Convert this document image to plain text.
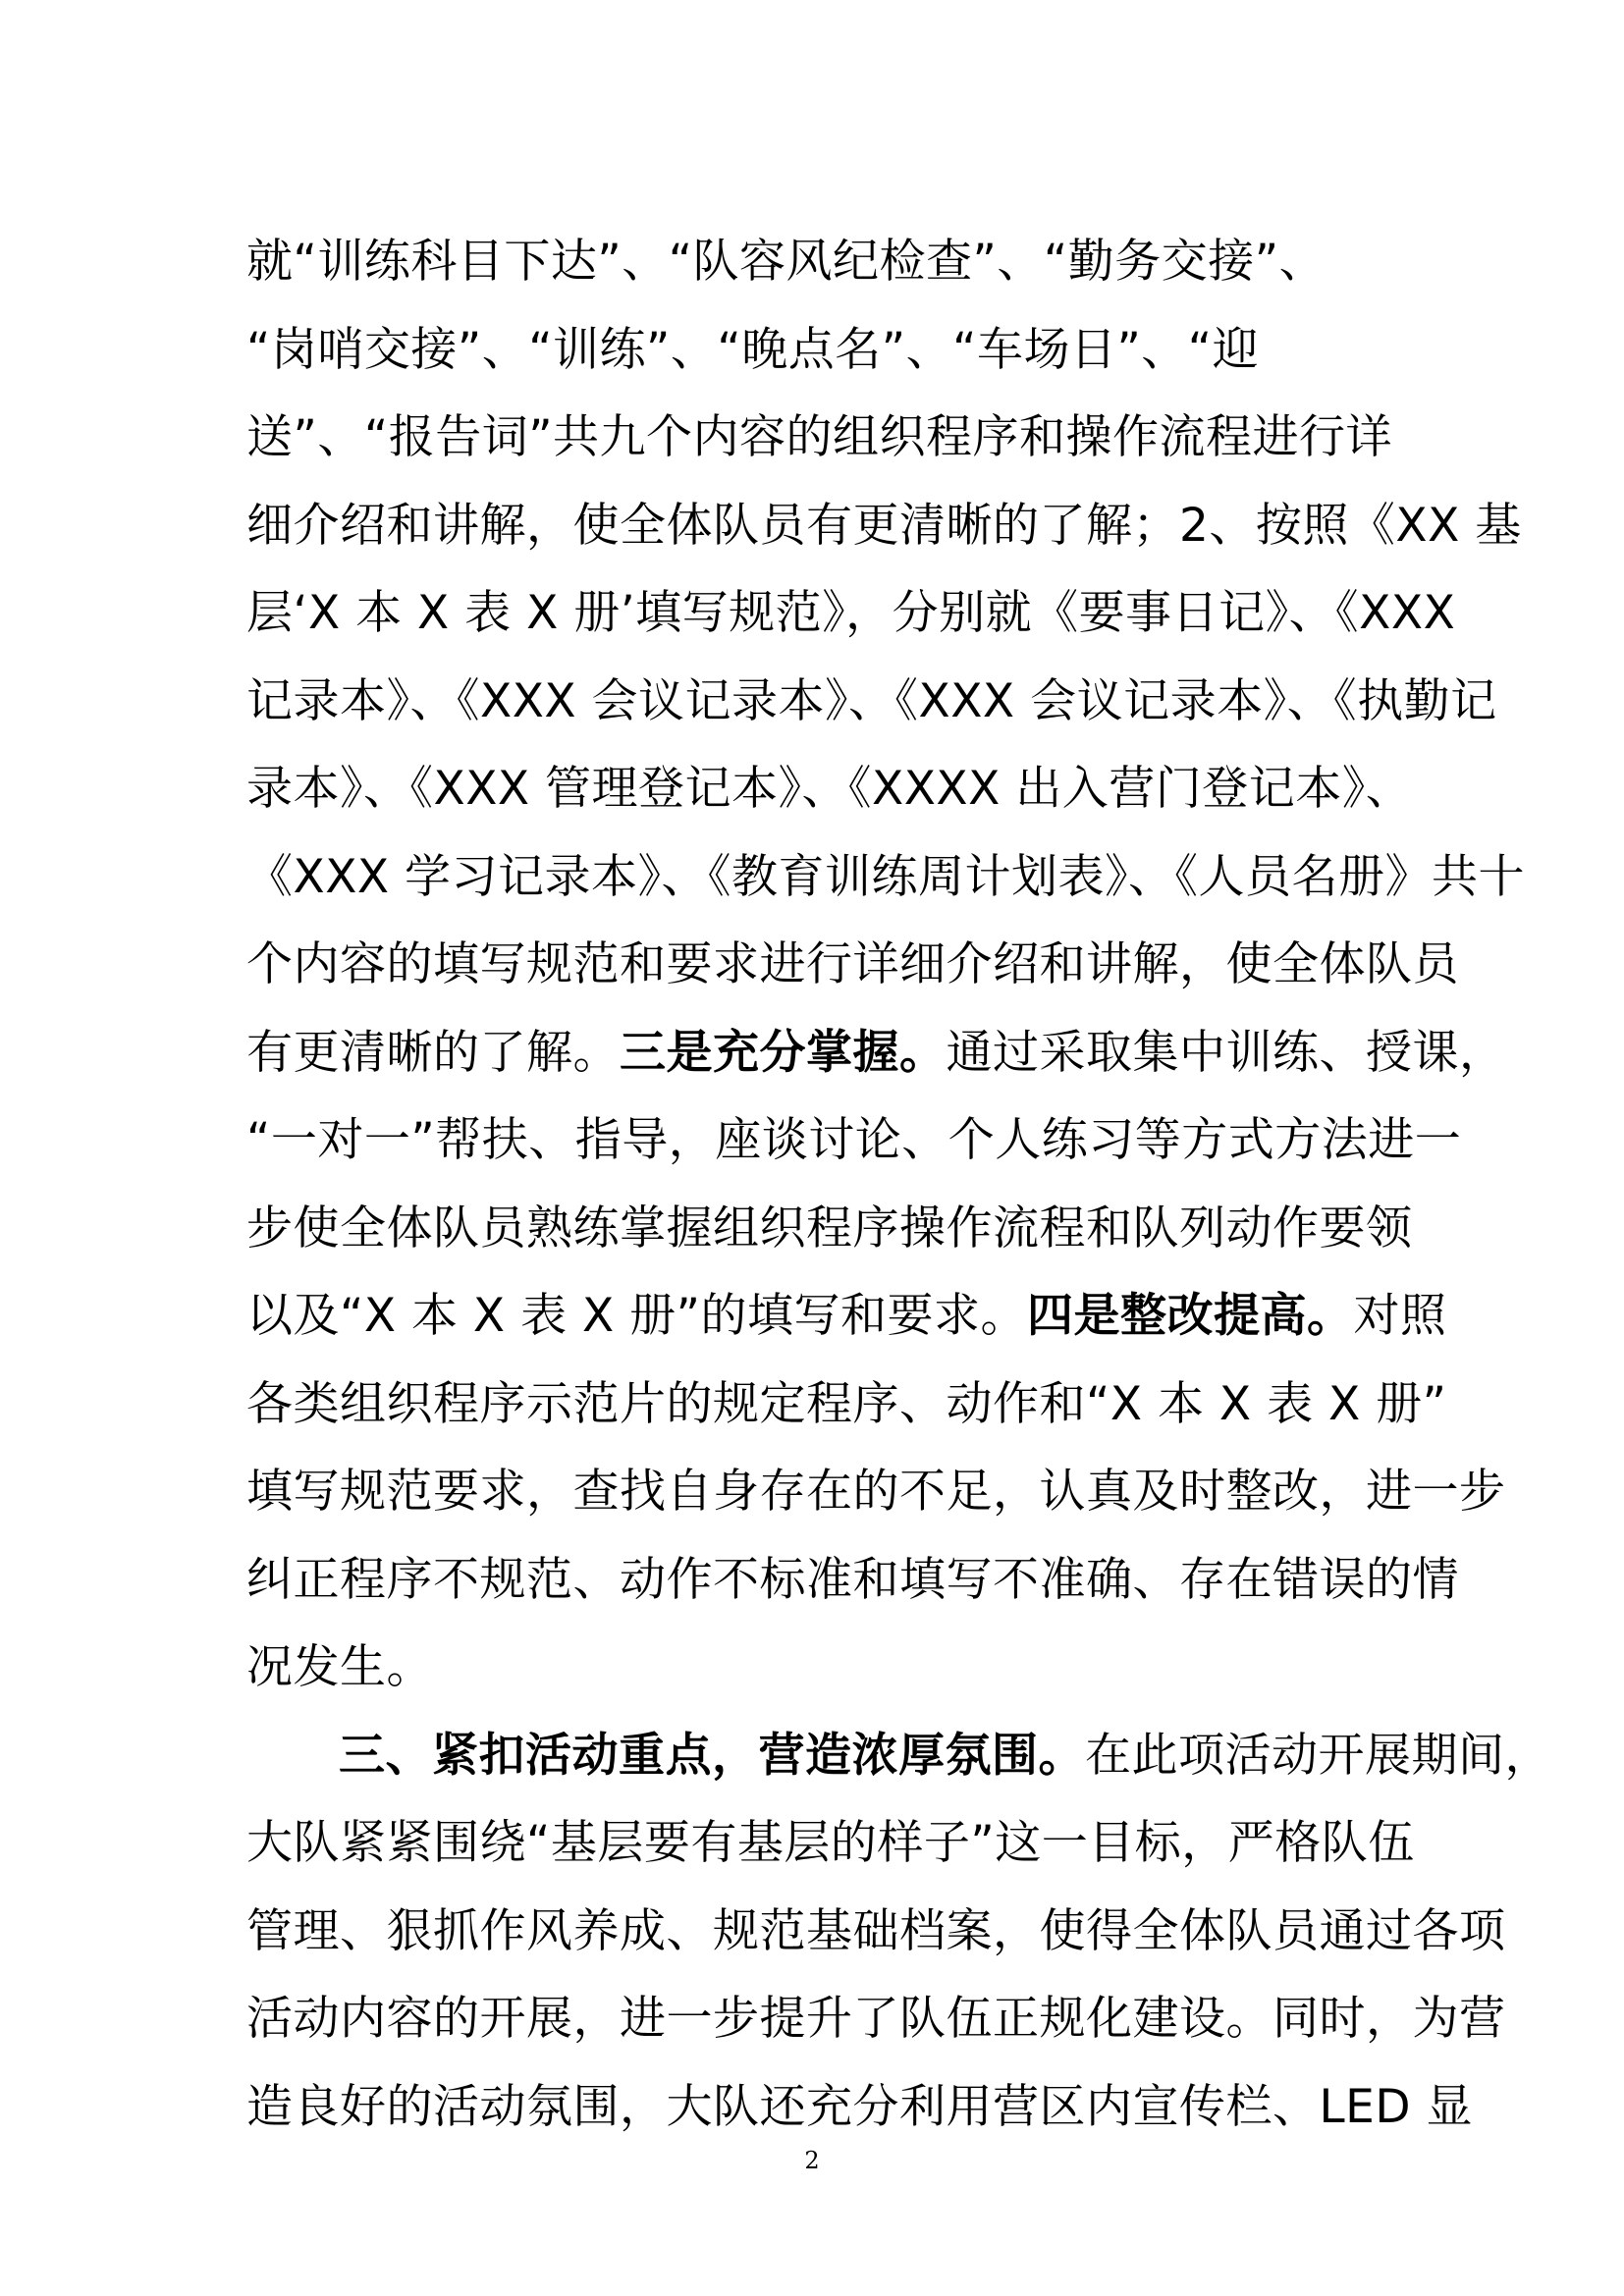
就“训练科目下达”、“队容风纪检查”、“勤务交接”、
“岗哨交接”、“训练”、“晚点名”、“车场日”、“迎
送”、“报告词”共九个内容的组织程序和操作流程进行详
细介绍和讲解，使全体队员有更清晰的了解；2、按照《XX 基
层‘X 本 X 表 X 册’填写规范》，分别就《要事日记》、《XXX
记录本》、《XXX 会议记录本》、《XXX 会议记录本》、《执勤记
录本》、《XXX 管理登记本》、《XXXX 出入营门登记本》、
《XXX 学习记录本》、《教育训练周计划表》、《人员名册》共十
个内容的填写规范和要求进行详细介绍和讲解，使全体队员
有更清晰的了解。三是充分掌握。通过采取集中训练、授课，
“一对一”帮扶、指导，座谈讨论、个人练习等方式方法进一
步使全体队员熟练掌握组织程序操作流程和队列动作要领
以及“X 本 X 表 X 册”的填写和要求。四是整改提高。对照
各类组织程序示范片的规定程序、动作和“X 本 X 表 X 册”
填写规范要求，查找自身存在的不足，认真及时整改，进一步
纠正程序不规范、动作不标准和填写不准确、存在错误的情
况发生。
三、紧扣活动重点，营造浓厚氛围。在此项活动开展期间，
大队紧紧围绕“基层要有基层的样子”这一目标，严格队伍
管理、狠抓作风养成、规范基础档案，使得全体队员通过各项
活动内容的开展，进一步提升了队伍正规化建设。同时，为营
造良好的活动氛围，大队还充分利用营区内宣传栏、LED 显
2
